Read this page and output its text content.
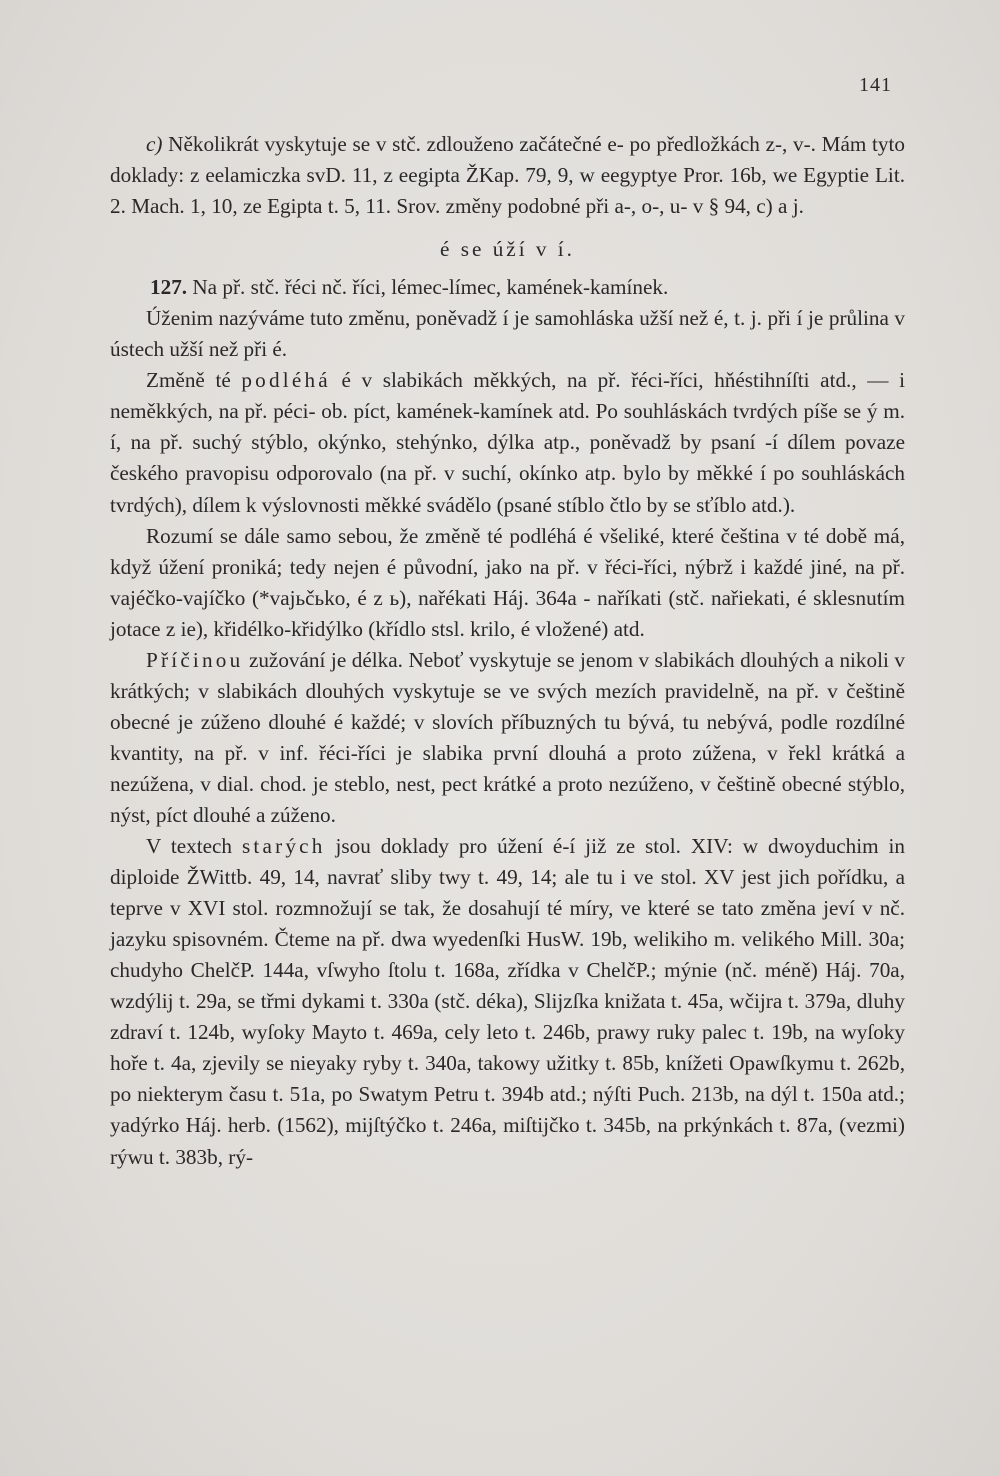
141

c) Několikrát vyskytuje se v stč. zdlouženo začátečné e- po předložkách z-, v-. Mám tyto doklady: z eelamiczka svD. 11, z eegipta ŽKap. 79, 9, w eegyptye Pror. 16b, we Egyptie Lit. 2. Mach. 1, 10, ze Egipta t. 5, 11. Srov. změny podobné při a-, o-, u- v § 94, c) a j.

é se úží v í.

127. Na př. stč. řéci nč. říci, lémec-límec, kamének-kamínek.

Úženim nazýváme tuto změnu, poněvadž í je samohláska užší než é, t. j. při í je průlina v ústech užší než při é.

Změně té podléhá é v slabikách měkkých, na př. řéci-říci, hňéstihníſti atd., — i neměkkých, na př. péci- ob. píct, kamének-kamínek atd. Po souhláskách tvrdých píše se ý m. í, na př. suchý stýblo, okýnko, stehýnko, dýlka atp., poněvadž by psaní -í dílem povaze českého pravopisu odporovalo (na př. v suchí, okínko atp. bylo by měkké í po souhláskách tvrdých), dílem k výslovnosti měkké svádělo (psané stíblo čtlo by se sťíblo atd.).

Rozumí se dále samo sebou, že změně té podléhá é všeliké, které čeština v té době má, když úžení proniká; tedy nejen é původní, jako na př. v řéci-říci, nýbrž i každé jiné, na př. vajéčko-vajíčko (*vajьčьko, é z ь), nařékati Háj. 364a - naříkati (stč. nařiekati, é sklesnutím jotace z ie), křidélko-křidýlko (křídlo stsl. krilo, é vložené) atd.

Příčinou zužování je délka. Neboť vyskytuje se jenom v slabikách dlouhých a nikoli v krátkých; v slabikách dlouhých vyskytuje se ve svých mezích pravidelně, na př. v češtině obecné je zúženo dlouhé é každé; v slovích příbuzných tu bývá, tu nebývá, podle rozdílné kvantity, na př. v inf. řéci-říci je slabika první dlouhá a proto zúžena, v řekl krátká a nezúžena, v dial. chod. je steblo, nest, pect krátké a proto nezúženo, v češtině obecné stýblo, nýst, píct dlouhé a zúženo.

V textech starých jsou doklady pro úžení é-í již ze stol. XIV: w dwoyduchim in diploide ŽWittb. 49, 14, navrať sliby twy t. 49, 14; ale tu i ve stol. XV jest jich pořídku, a teprve v XVI stol. rozmnožují se tak, že dosahují té míry, ve které se tato změna jeví v nč. jazyku spisovném. Čteme na př. dwa wyedenſki HusW. 19b, welikiho m. velikého Mill. 30a; chudyho ChelčP. 144a, vſwyho ſtolu t. 168a, zřídka v ChelčP.; mýnie (nč. méně) Háj. 70a, wzdýlij t. 29a, se třmi dykami t. 330a (stč. déka), Slijzſka knižata t. 45a, wčijra t. 379a, dluhy zdraví t. 124b, wyſoky Mayto t. 469a, cely leto t. 246b, prawy ruky palec t. 19b, na wyſoky hoře t. 4a, zjevily se nieyaky ryby t. 340a, takowy užitky t. 85b, knížeti Opawſkymu t. 262b, po niekterym času t. 51a, po Swatym Petru t. 394b atd.; nýſti Puch. 213b, na dýl t. 150a atd.; yadýrko Háj. herb. (1562), mijſtýčko t. 246a, miſtijčko t. 345b, na prkýnkách t. 87a, (vezmi) rýwu t. 383b, rý-
